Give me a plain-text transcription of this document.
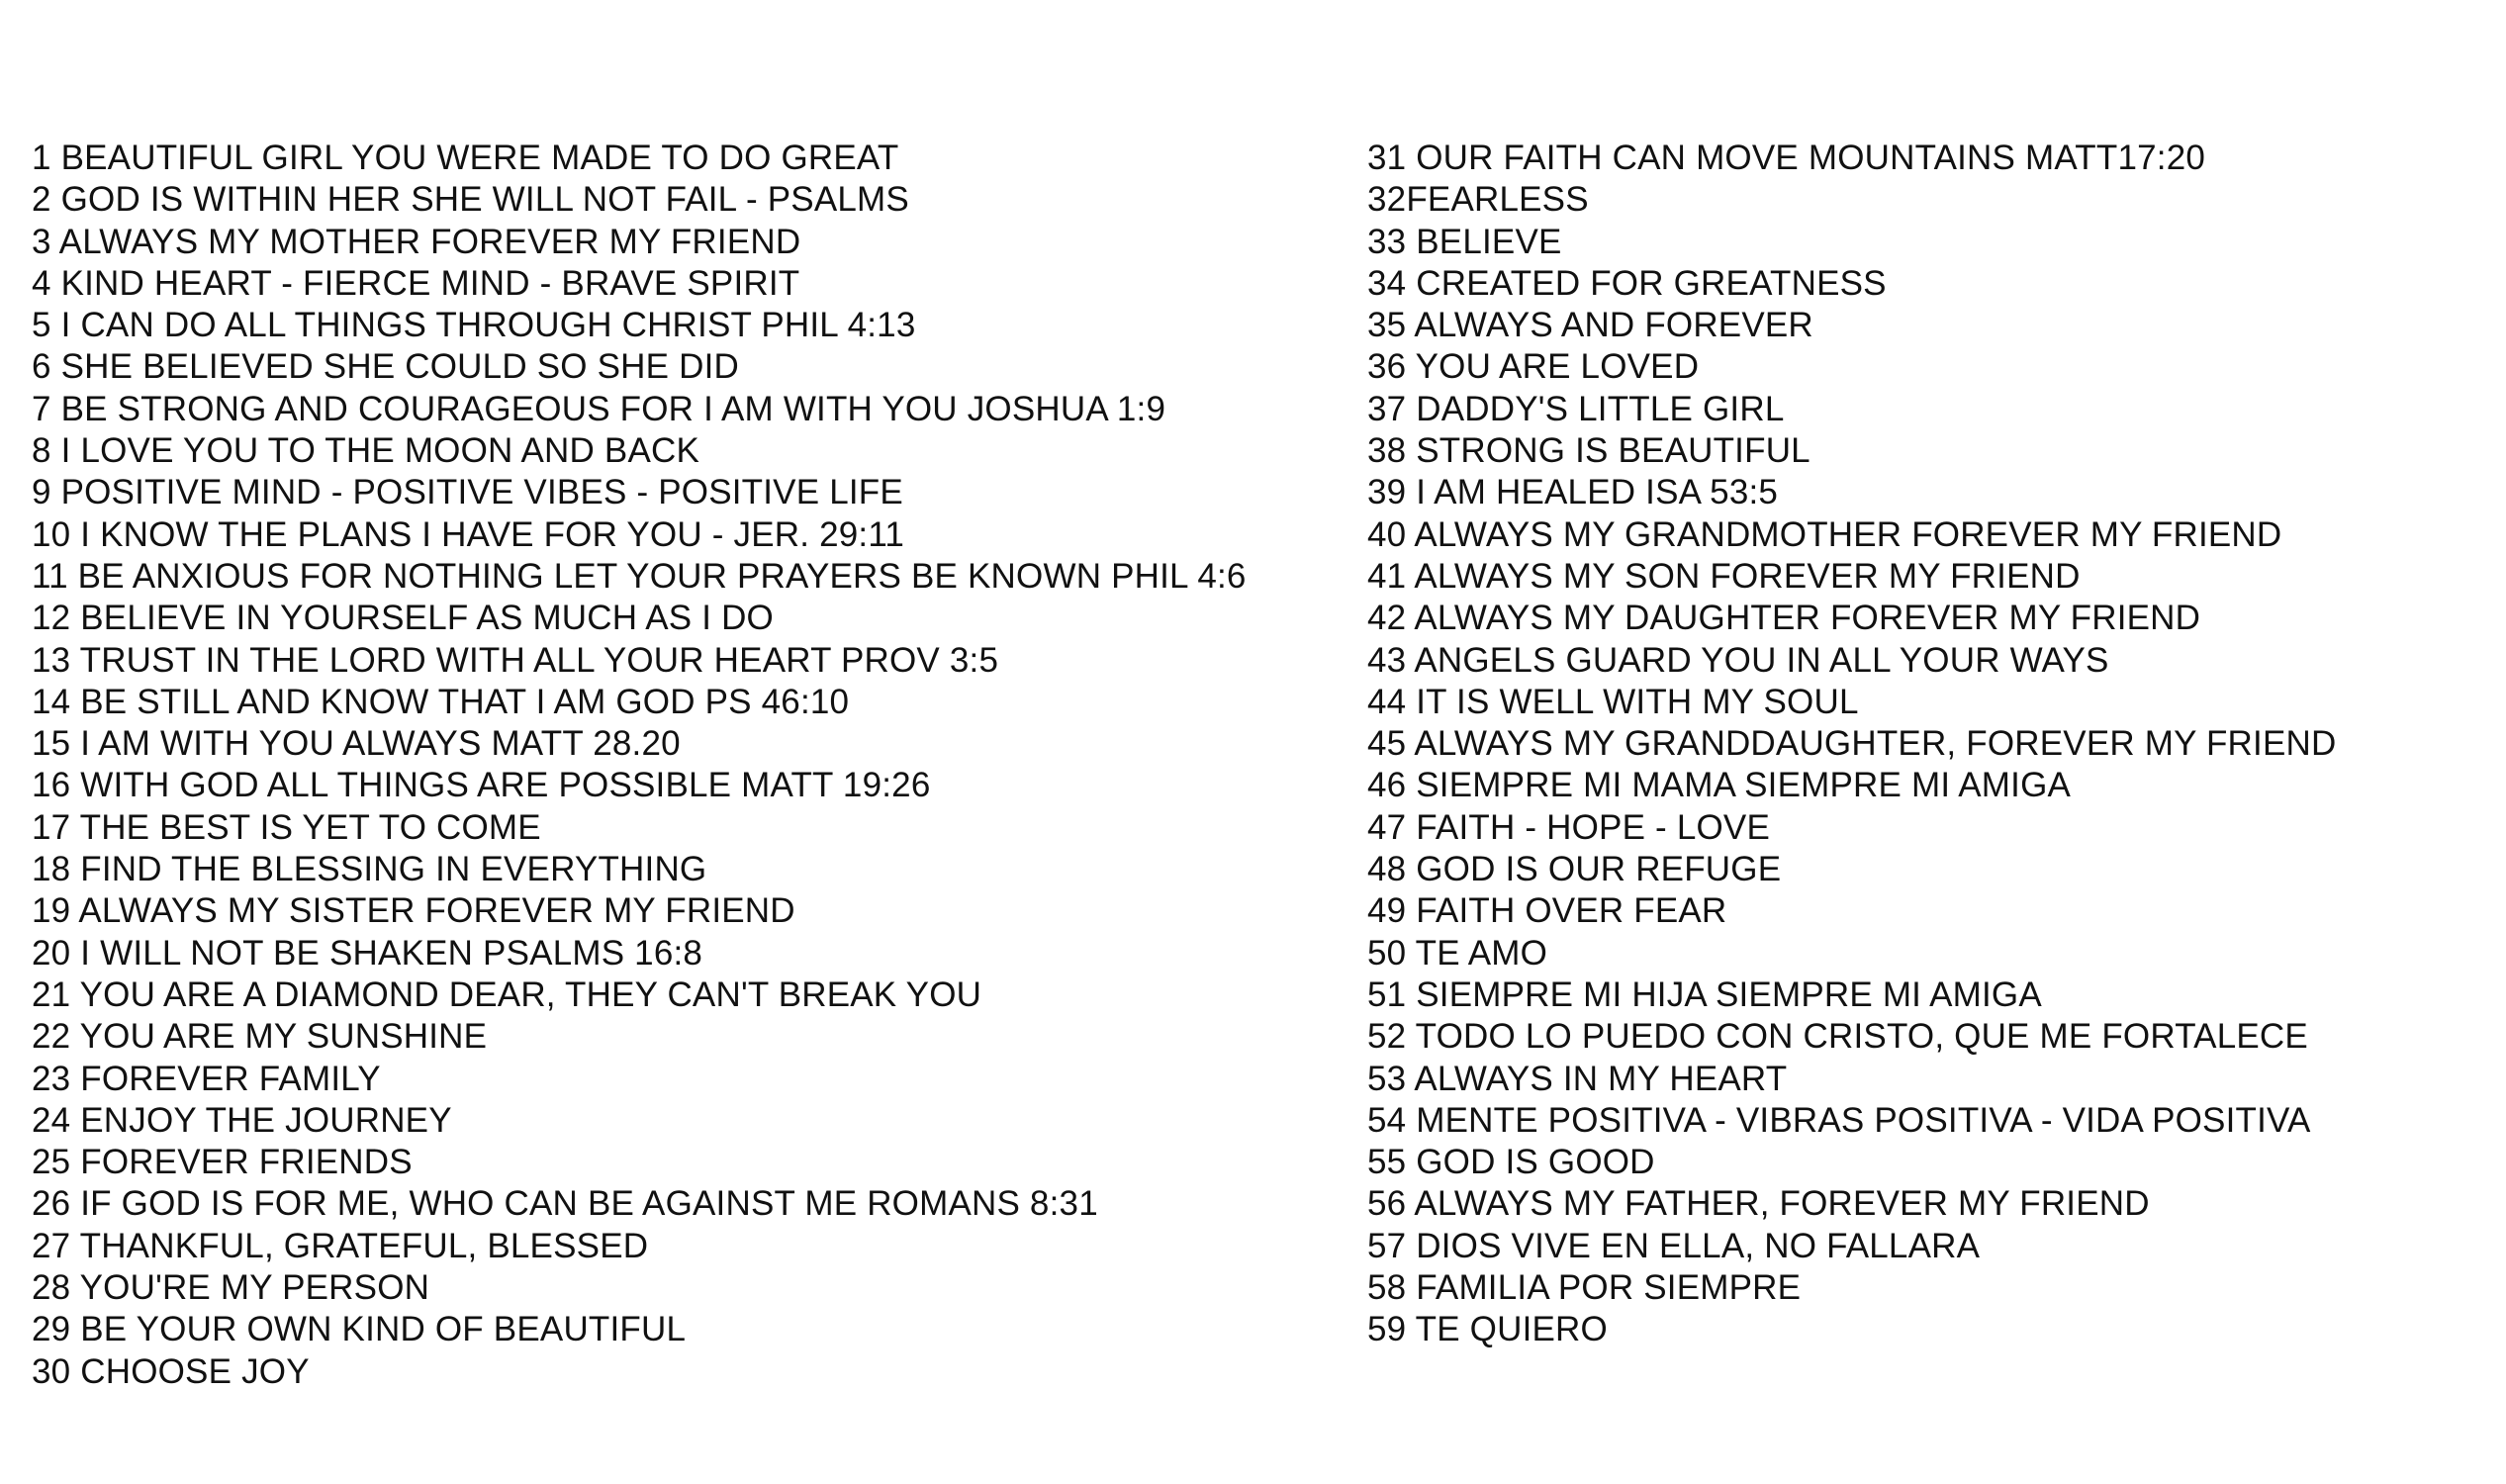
1 BEAUTIFUL GIRL YOU WERE MADE TO DO GREAT
2 GOD IS WITHIN HER SHE WILL NOT FAIL - PSALMS
3 ALWAYS MY MOTHER FOREVER MY FRIEND
4 KIND HEART - FIERCE MIND - BRAVE SPIRIT
5 I CAN DO ALL THINGS THROUGH CHRIST PHIL 4:13
6 SHE BELIEVED SHE COULD SO SHE DID
7 BE STRONG AND COURAGEOUS FOR I AM WITH YOU JOSHUA 1:9
8 I LOVE YOU TO THE MOON AND BACK
9 POSITIVE MIND - POSITIVE VIBES - POSITIVE LIFE
10 I KNOW THE PLANS I HAVE FOR YOU - JER. 29:11
11 BE ANXIOUS FOR NOTHING LET YOUR PRAYERS BE KNOWN PHIL 4:6
12 BELIEVE IN YOURSELF AS MUCH AS I DO
13 TRUST IN THE LORD WITH ALL YOUR HEART PROV 3:5
14 BE STILL AND KNOW THAT I AM GOD PS 46:10
15 I AM WITH YOU ALWAYS MATT 28.20
16 WITH GOD ALL THINGS ARE POSSIBLE MATT 19:26
17 THE BEST IS YET TO COME
18 FIND THE BLESSING IN EVERYTHING
19 ALWAYS MY SISTER FOREVER MY FRIEND
20 I WILL NOT BE SHAKEN PSALMS 16:8
21 YOU ARE A DIAMOND DEAR, THEY CAN'T BREAK YOU
22 YOU ARE MY SUNSHINE
23 FOREVER FAMILY
24 ENJOY THE JOURNEY
25 FOREVER FRIENDS
26 IF GOD IS FOR ME, WHO CAN BE AGAINST ME ROMANS 8:31
27 THANKFUL, GRATEFUL, BLESSED
28 YOU'RE MY PERSON
29 BE YOUR OWN KIND OF BEAUTIFUL
30 CHOOSE JOY
31 OUR FAITH CAN MOVE MOUNTAINS MATT17:20
32FEARLESS
33 BELIEVE
34 CREATED FOR GREATNESS
35 ALWAYS AND FOREVER
36 YOU ARE LOVED
37 DADDY'S LITTLE GIRL
38 STRONG IS BEAUTIFUL
39 I AM HEALED ISA 53:5
40 ALWAYS MY GRANDMOTHER FOREVER MY FRIEND
41 ALWAYS MY SON FOREVER MY FRIEND
42 ALWAYS MY DAUGHTER FOREVER MY FRIEND
43 ANGELS GUARD YOU IN ALL YOUR WAYS
44 IT IS WELL WITH MY SOUL
45 ALWAYS MY GRANDDAUGHTER, FOREVER MY FRIEND
46 SIEMPRE MI MAMA SIEMPRE MI AMIGA
47 FAITH - HOPE - LOVE
48 GOD IS OUR REFUGE
49 FAITH OVER FEAR
50 TE AMO
51 SIEMPRE MI HIJA SIEMPRE MI AMIGA
52 TODO LO PUEDO CON CRISTO, QUE ME FORTALECE
53 ALWAYS IN MY HEART
54 MENTE POSITIVA - VIBRAS POSITIVA - VIDA POSITIVA
55 GOD IS GOOD
56 ALWAYS MY FATHER, FOREVER MY FRIEND
57 DIOS VIVE EN ELLA, NO FALLARA
58 FAMILIA POR SIEMPRE
59 TE QUIERO
